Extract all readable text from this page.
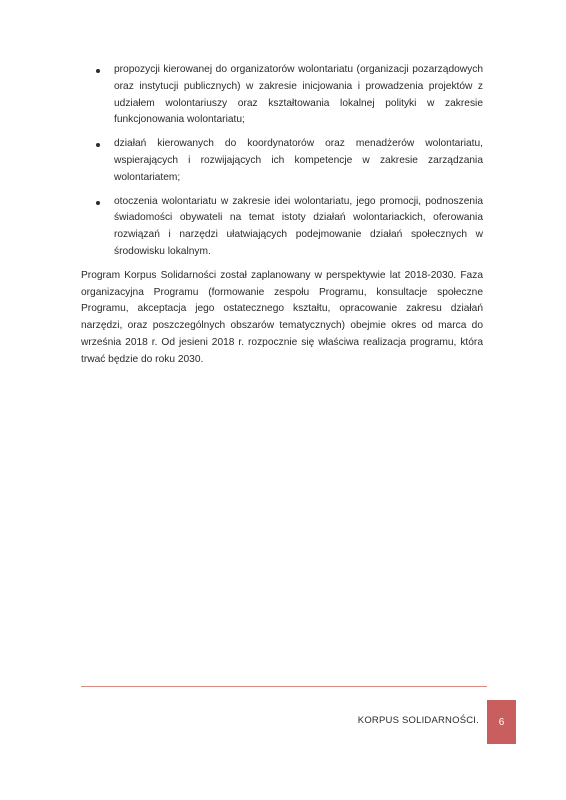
propozycji kierowanej do organizatorów wolontariatu (organizacji pozarządowych oraz instytucji publicznych) w zakresie inicjowania i prowadzenia projektów z udziałem wolontariuszy oraz kształtowania lokalnej polityki w zakresie funkcjonowania wolontariatu;
działań kierowanych do koordynatorów oraz menadżerów wolontariatu, wspierających i rozwijających ich kompetencje w zakresie zarządzania wolontariatem;
otoczenia wolontariatu w zakresie idei wolontariatu, jego promocji, podnoszenia świadomości obywateli na temat istoty działań wolontariackich, oferowania rozwiązań i narzędzi ułatwiających podejmowanie działań społecznych w środowisku lokalnym.

Program Korpus Solidarności został zaplanowany w perspektywie lat 2018-2030. Faza organizacyjna Programu (formowanie zespołu Programu, konsultacje społeczne Programu, akceptacja jego ostatecznego kształtu, opracowanie zakresu działań narzędzi, oraz poszczególnych obszarów tematycznych) obejmie okres od marca do września 2018 r. Od jesieni 2018 r. rozpocznie się właściwa realizacja programu, która trwać będzie do roku 2030.

KORPUS SOLIDARNOŚCI. 6
